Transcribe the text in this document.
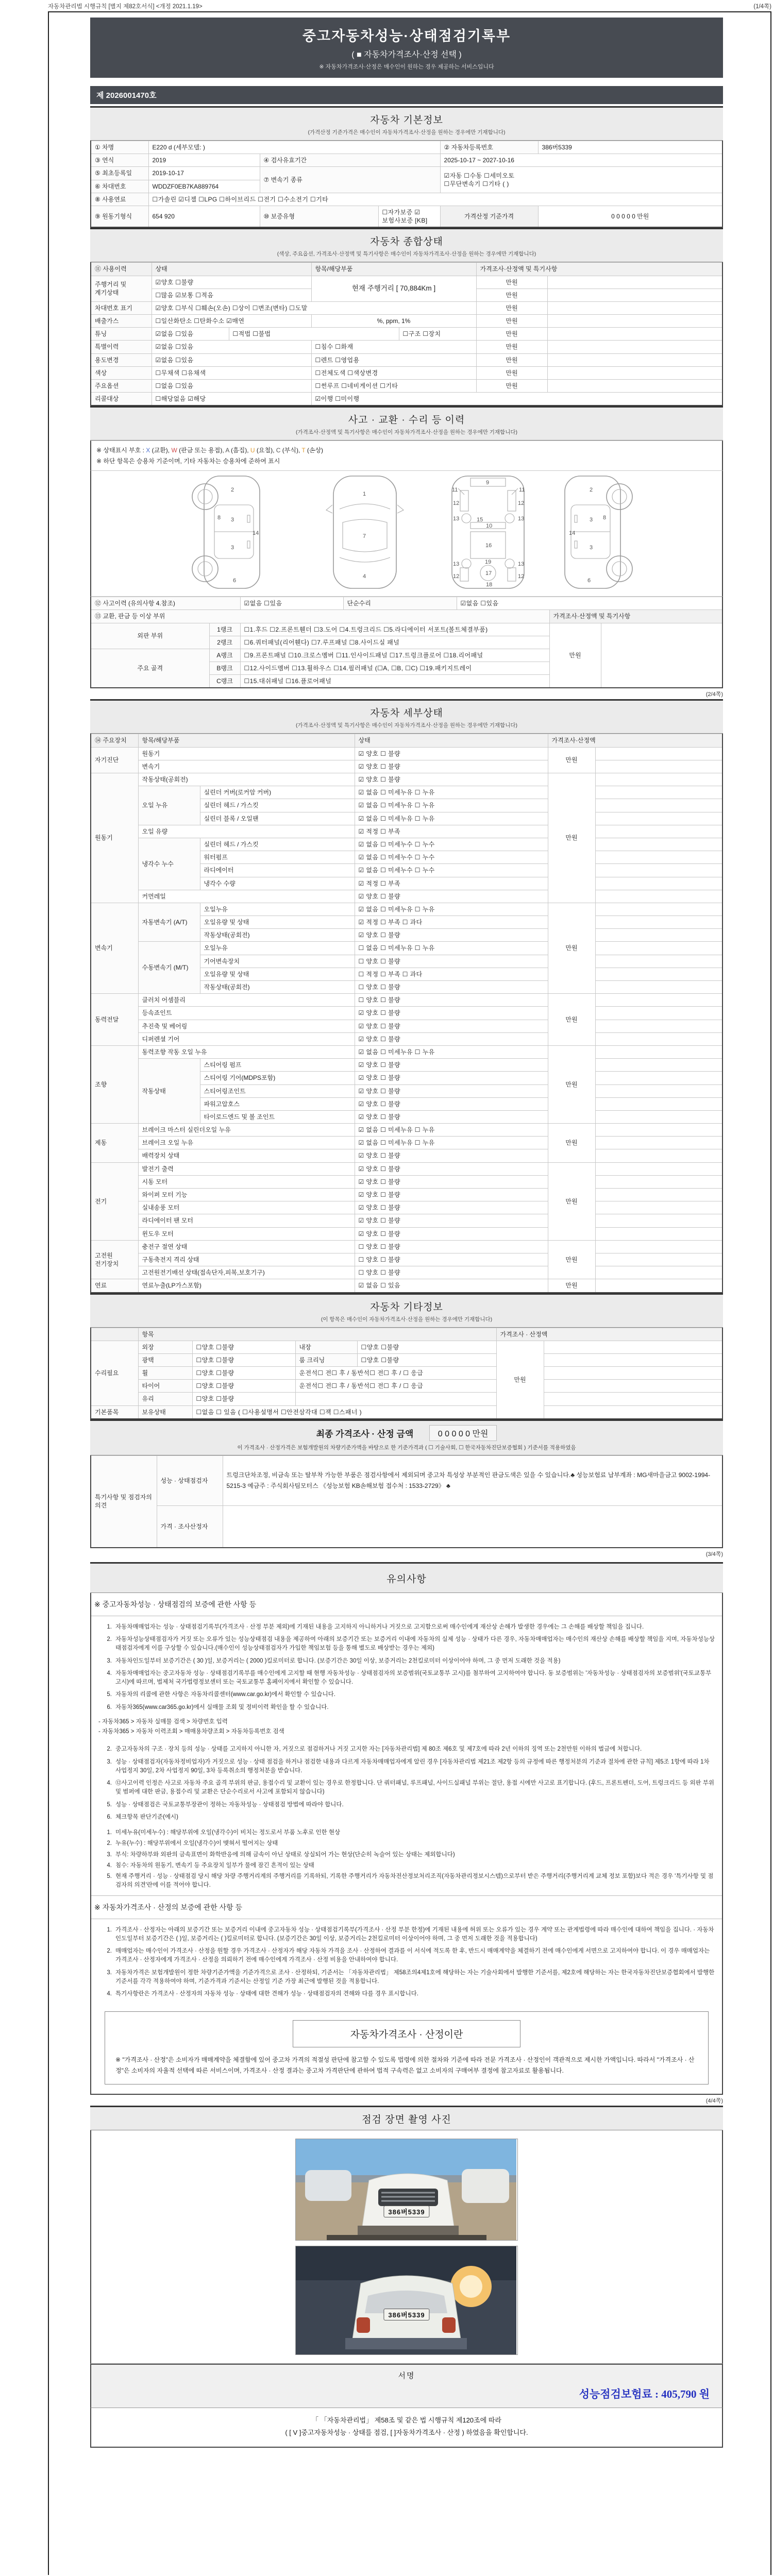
자동차관리법 시행규칙 [별지 제82호서식] <개정 2021.1.19>	(1/4쪽)
중고자동차성능·상태점검기록부
( ■ 자동차가격조사·산정 선택 )
※ 자동차가격조사·산정은 매수인이 원하는 경우 제공하는 서비스입니다
제 2026001470호
자동차 기본정보
(가격산정 기준가격은 매수인이 자동차가격조사·산정을 원하는 경우에만 기재합니다)
① 차명	E220 d (세부모델: )			② 자동차등록번호	386버5339
③ 연식	2019	④ 검사유효기간		2025-10-17 ~ 2027-10-16	
⑤ 최초등록일	2019-10-17	⑦ 변속기 종류		☑자동 ☐수동 ☐세미오토
☐무단변속기 ☐기타 ( )	

⑥ 차대번호	WDDZF0EB7KA889764				
⑧ 사용연료	☐가솔린 ☑디젤 ☐LPG ☐하이브리드 ☐전기 ☐수소전기 ☐기타				
⑨ 원동기형식	654 920	⑩ 보증유형	☐자가보증 ☑보험사보증 [KB]	가격산정 기준가격	0 0 0 0 0 만원
자동차 종합상태
(색상, 주요옵션, 가격조사·산정액 및 특기사항은 매수인이 자동차가격조사·산정을 원하는 경우에만 기재합니다)
⑪ 사용이력	상태		항목/해당부품		가격조사·산정액 및 특기사항	
주행거리 및 계기상태	☑양호 ☐불량		현재 주행거리 [ 70,884Km ]		만원	
	☐많음 ☑보통 ☐적음				만원	
차대번호 표기	☑양호 ☐부식 ☐훼손(오손) ☐상이 ☐변조(변타) ☐도말				만원	
배출가스	☐일산화탄소 ☐탄화수소 ☑매연		%, ppm, 1%		만원	
튜닝	☑없음 ☐있음	☐적법 ☐불법		☐구조 ☐장치	만원	
특별이력	☑없음 ☐있음		☐침수 ☐화재		만원	
용도변경	☑없음 ☐있음		☐렌트 ☐영업용		만원	
색상	☐무채색 ☐유채색		☐전체도색 ☐색상변경		만원	
주요옵션	☐없음 ☐있음		☐썬루프 ☐네비게이션 ☐기타		만원	
리콜대상	☐해당없음 ☑해당		☑이행 ☐미이행			
사고 · 교환 · 수리 등 이력
(가격조사·산정액 및 특기사항은 매수인이 자동차가격조사·산정을 원하는 경우에만 기재합니다)
※ 상태표시 부호 : X (교환), W (판금 또는 용접), A (흠집), U (요철), C (부식), T (손상)
※ 하단 항목은 승용차 기준이며, 기타 자동차는 승용차에 준하여 표시
2
8 3
14
3
6
1
7
4
9
11	11
12	12
13	13
10
15
16
13	13
19
12	12
17
18
2
8
3
14
3
6
⑫ 사고이력 (유의사항 4.참조)		☑없음 ☐있음	단순수리	☑없음 ☐있음		
⑬ 교환, 판금 등 이상 부위					가격조사·산정액 및 특기사항	
외판 부위	1랭크	☐1.후드 ☐2.프론트휀더 ☐3.도어 ☐4.트렁크리드 ☐5.라디에이터 서포트(볼트체결부품)			만원	
	2랭크	☐6.쿼터패널(리어휀다) ☐7.루프패널 ☐8.사이드실 패널				
주요 골격	A랭크	☐9.프론트패널 ☐10.크로스멤버 ☐11.인사이드패널 ☐17.트렁크플로어 ☐18.리어패널				
	B랭크	☐12.사이드멤버 ☐13.휠하우스 ☐14.필러패널 (☐A, ☐B, ☐C) ☐19.패키지트레이				
	C랭크	☐15.대쉬패널 ☐16.플로어패널				
(2/4쪽)
자동차 세부상태
(가격조사·산정액 및 특기사항은 매수인이 자동차가격조사·산정을 원하는 경우에만 기재합니다)
⑭ 주요장치	항목/해당부품		상태	가격조사·산정액	
자기진단	원동기		☑ 양호 ☐ 불량	만원	
	변속기		☑ 양호 ☐ 불량		
원동기	작동상태(공회전)		☑ 양호 ☐ 불량	만원	
	오일 누유	실린더 커버(로커암 커버)	☑ 없음 ☐ 미세누유 ☐ 누유		
		실린더 헤드 / 가스킷	☑ 없음 ☐ 미세누유 ☐ 누유		
		실린더 블록 / 오일팬	☑ 없음 ☐ 미세누유 ☐ 누유		
	오일 유량		☑ 적정 ☐ 부족		
	냉각수 누수	실린더 헤드 / 가스킷	☑ 없음 ☐ 미세누수 ☐ 누수		
		워터펌프	☑ 없음 ☐ 미세누수 ☐ 누수		
		라디에이터	☑ 없음 ☐ 미세누수 ☐ 누수		
		냉각수 수량	☑ 적정 ☐ 부족		
	커먼레일		☑ 양호 ☐ 불량		
변속기	자동변속기 (A/T)	오일누유	☑ 없음 ☐ 미세누유 ☐ 누유	만원	
		오일유량 및 상태	☑ 적정 ☐ 부족 ☐ 과다		
		작동상태(공회전)	☑ 양호 ☐ 불량		
	수동변속기 (M/T)	오일누유	☐ 없음 ☐ 미세누유 ☐ 누유		
		기어변속장치	☐ 양호 ☐ 불량		
		오일유량 및 상태	☐ 적정 ☐ 부족 ☐ 과다		
		작동상태(공회전)	☐ 양호 ☐ 불량		
동력전달	클러치 어셈블리		☐ 양호 ☐ 불량	만원	
	등속죠인트		☑ 양호 ☐ 불량		
	추진축 및 베어링		☑ 양호 ☐ 불량		
	디퍼렌셜 기어		☑ 양호 ☐ 불량		
조향	동력조향 작동 오일 누유		☑ 없음 ☐ 미세누유 ☐ 누유	만원	
	작동상태	스티어링 펌프	☑ 양호 ☐ 불량		
		스티어링 기어(MDPS포함)	☑ 양호 ☐ 불량		
		스티어링조인트	☑ 양호 ☐ 불량		
		파워고압호스	☑ 양호 ☐ 불량		
		타이로드엔드 및 볼 조인트	☑ 양호 ☐ 불량		
제동	브레이크 마스터 실린더오일 누유		☑ 없음 ☐ 미세누유 ☐ 누유	만원	
	브레이크 오일 누유		☑ 없음 ☐ 미세누유 ☐ 누유		
	배력장치 상태		☑ 양호 ☐ 불량		
전기	발전기 출력		☑ 양호 ☐ 불량	만원	
	시동 모터		☑ 양호 ☐ 불량		
	와이퍼 모터 기능		☑ 양호 ☐ 불량		
	실내송풍 모터		☑ 양호 ☐ 불량		
	라디에이터 팬 모터		☑ 양호 ☐ 불량		
	윈도우 모터		☑ 양호 ☐ 불량		
고전원 전기장치	충전구 절연 상태		☐ 양호 ☐ 불량	만원	
	구동축전지 격리 상태		☐ 양호 ☐ 불량		
	고전원전기배선 상태(접속단자,피복,보호기구)		☐ 양호 ☐ 불량		
연료	연료누출(LP가스포함)		☑ 없음 ☐ 있음	만원	
자동차 기타정보
(이 항목은 매수인이 자동차가격조사·산정을 원하는 경우에만 기재합니다)
	항목				가격조사 · 산정액	
수리필요	외장	☐양호 ☐불량	내장	☐양호 ☐불량	만원	
	광택	☐양호 ☐불량	룸 크리닝	☐양호 ☐불량		
	휠	☐양호 ☐불량	운전석☐ 전☐ 후 / 동반석☐ 전☐ 후 / ☐ 응급			
	타이어	☐양호 ☐불량	운전석☐ 전☐ 후 / 동반석☐ 전☐ 후 / ☐ 응급			
	유리	☐양호 ☐불량				
기본품목	보유상태	☐없음 ☐ 있음 ( ☐사용설명서 ☐안전삼각대 ☐잭 ☐스패너 )				
최종 가격조사 · 산정 금액	0 0 0 0 0 만원
이 가격조사 · 산정가격은 보험개발원의 차량기준가액을 바탕으로 한 기준가격과 ( ☐ 기술사회, ☐ 한국자동차진단보증협회 ) 기준서를 적용하였음
특기사항 및 점검자의 의견	성능 · 상태점검자	트렁크단차조정, 비금속 또는 탈부착 가능한 부품은 점검사항에서 제외되며 중고차 특성상 부분적인 판금도색은 있을 수 있습니다.♣ 성능보험료 납부계좌 : MG새마을금고 9002-1994-5215-3 예금주 : 주식회사팀모터스 《성능보험 KB손해보험 접수처 : 1533-2729》 ♣
	가격 · 조사산정자	
(3/4쪽)
유의사항
※ 중고자동차성능 · 상태점검의 보증에 관한 사항 등
1. 자동차매매업자는 성능 · 상태점검기록부(가격조사 · 산정 부분 제외)에 기재된 내용을 고지하지 아니하거나 거짓으로 고지함으로써 매수인에게 재산상 손해가 발생한 경우에는 그 손해를 배상할 책임을 집니다.
2. 자동차성능상태점검자가 거짓 또는 오류가 있는 성능상태점검 내용을 제공하여 아래의 보증기간 또는 보증거리 이내에 자동차의 실제 성능 · 상태가 다른 경우, 자동차매매업자는 매수인의 재산상 손해를 배상할 책임을 지며, 자동차성능상태점검자에게 이를 구상할 수 있습니다.(매수인이 성능상태점검자가 가입한 책임보험 등을 통해 별도로 배상받는 경우는 제외)
3. 자동차인도일부터 보증기간은 ( 30 )일, 보증거리는 ( 2000 )킬로미터로 합니다. (보증기간은 30일 이상, 보증거리는 2천킬로미터 이상이어야 하며, 그 중 먼저 도래한 것을 적용)
4. 자동차매매업자는 중고자동차 성능 · 상태점검기록부를 매수인에게 고지할 때 현행 자동차성능 · 상태점검자의 보증범위(국토교통부 고시)를 첨부하여 고지하여야 합니다. 동 보증범위는 '자동차성능 · 상태점검자의 보증범위'(국토교통부 고시)에 따르며, 법제처 국가법령정보센터 또는 국토교통부 홈페이지에서 확인할 수 있습니다.
5. 자동차의 리콜에 관한 사항은 자동차리콜센터(www.car.go.kr)에서 확인할 수 있습니다.
6. 자동차365(www.car365.go.kr)에서 실매물 조회 및 정비이력 확인을 할 수 있습니다.
- 자동차365 > 자동차 실매물 검색 > 차량번호 입력
- 자동차365 > 자동차 이력조회 > 매매용차량조회 > 자동차등록번호 검색
2. 중고자동차의 구조 · 장치 등의 성능 · 상태를 고지하지 아니한 자, 거짓으로 점검하거나 거짓 고지한 자는 [자동차관리법] 제 80조 제6호 및 제7호에 따라 2년 이하의 징역 또는 2천만원 이하의 벌금에 처합니다.
3. 성능 · 상태점검자(자동차정비업자)가 거짓으로 성능 · 상태 점검을 하거나 점검한 내용과 다르게 자동차매매업자에게 알린 경우 [자동차관리법 제21조 제2항 등의 규정에 따른 행정처분의 기준과 절차에 관한 규칙] 제5조 1항에 따라 1차 사업정지 30일, 2차 사업정지 90일, 3차 등록취소의 행정처분을 받습니다.
4. ⑫사고이력 인정은 사고로 자동차 주요 골격 부위의 판금, 용접수리 및 교환이 있는 경우로 한정합니다. 단 쿼터패널, 루프패널, 사이드실패널 부위는 절단, 용접 시에만 사고로 표기합니다. (후드, 프론트펜더, 도어, 트렁크리드 등 외판 부위 및 범퍼에 대한 판금, 용접수리 및 교환은 단순수리로서 사고에 포함되지 않습니다)
5. 성능 · 상태점검은 국토교통부장관이 정하는 자동차성능 · 상태점검 방법에 따라야 합니다.
6. 체크항목 판단기준(예시)
1. 미세누유(미세누수) : 해당부위에 오일(냉각수)이 비치는 정도로서 부품 노후로 인한 현상
2. 누유(누수) : 해당부위에서 오일(냉각수)이 맺혀서 떨어지는 상태
3. 부식: 차량하부와 외판의 금속표면이 화학반응에 의해 금속이 아닌 상태로 상실되어 가는 현상(단순히 녹슬어 있는 상태는 제외합니다)
4. 침수: 자동차의 원동기, 변속기 등 주요장치 일부가 물에 잠긴 흔적이 있는 상태
5. 현재 주행거리 · 성능 · 상태점검 당시 해당 차량 주행거리계의 주행거리를 기록하되, 기록한 주행거리가 자동차전산정보처리조직(자동차관리정보시스템)으로부터 받은 주행거리(주행거리계 교체 정보 포함)보다 적은 경우 '특기사항 및 점검자의 의견'란에 이를 적어야 합니다.
※ 자동차가격조사 · 산정의 보증에 관한 사항 등
1. 가격조사 · 산정자는 아래의 보증기간 또는 보증거리 이내에 중고자동차 성능 · 상태점검기록부(가격조사 · 산정 부분 한정)에 기재된 내용에 허위 또는 오류가 있는 경우 계약 또는 관계법령에 따라 매수인에 대하여 책임을 집니다. · 자동차인도일부터 보증기간은 ( )일, 보증거리는 ( )킬로미터로 합니다. (보증기간은 30일 이상, 보증거리는 2천킬로미터 이상이어야 하며, 그 중 먼저 도래한 것을 적용합니다)
2. 매매업자는 매수인이 가격조사 · 산정을 원할 경우 가격조사 · 산정자가 해당 자동차 가격을 조사 · 산정하여 결과를 이 서식에 적도록 한 후, 반드시 매매계약을 체결하기 전에 매수인에게 서면으로 고지하여야 합니다. 이 경우 매매업자는 가격조사 · 산정자에게 가격조사 · 산정을 의뢰하기 전에 매수인에게 가격조사 · 산정 비용을 안내하여야 합니다.
3. 자동차가격은 보험개발원이 정한 차량기준가액을 기준가격으로 조사 · 산정하되, 기준서는 「자동차관리법」 제58조의4제1호에 해당하는 자는 기술사회에서 발행한 기준서를, 제2호에 해당하는 자는 한국자동차진단보증협회에서 발행한 기준서를 각각 적용하여야 하며, 기준가격과 기준서는 산정일 기준 가장 최근에 발행된 것을 적용합니다.
4. 특기사항란은 가격조사 · 산정자의 자동차 성능 · 상태에 대한 견해가 성능 · 상태점검자의 견해와 다를 경우 표시합니다.
자동차가격조사 · 산정이란
※ "가격조사 · 산정"은 소비자가 매매계약을 체결함에 있어 중고차 가격의 적절성 판단에 참고할 수 있도록 법령에 의한 절차와 기준에 따라 전문 가격조사 · 산정인이 객관적으로 제시한 가액입니다. 따라서 "가격조사 · 산정"은 소비자의 자율적 선택에 따른 서비스이며, 가격조사 · 산정 결과는 중고차 가격판단에 관하여 법적 구속력은 없고 소비자의 구매여부 결정에 참고자료로 활용됩니다.
(4/4쪽)
점검 장면 촬영 사진
386버5339
386버5339
서명
성능점검보험료 : 405,790 원
「 「자동차관리법」 제58조 및 같은 법 시행규칙 제120조에 따라
( [ V ]중고자동차성능 · 상태를 점검, [ ]자동차가격조사 · 산정 ) 하였음을 확인합니다.
